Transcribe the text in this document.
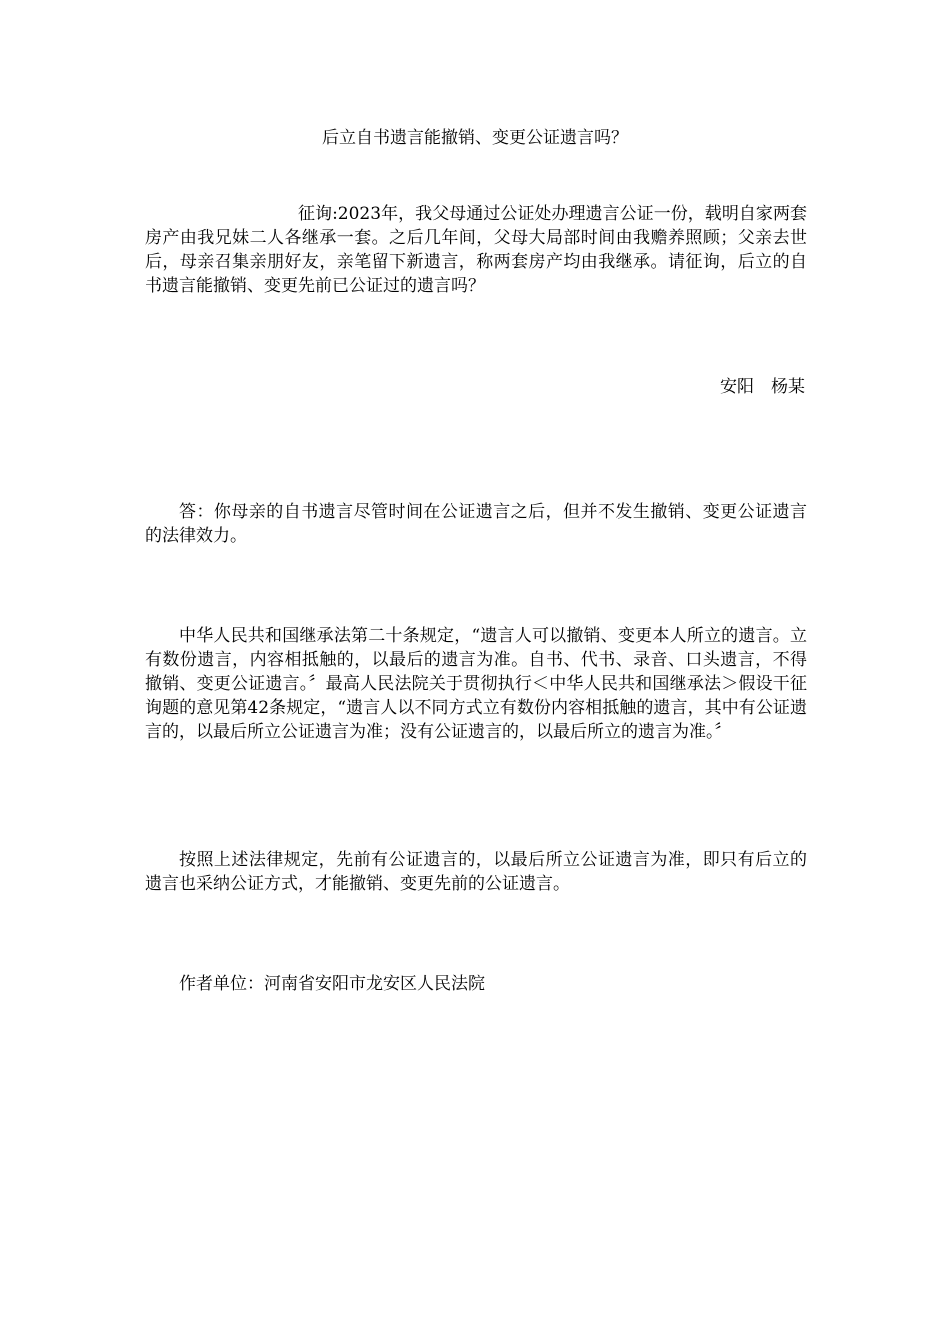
后立自书遗言能撤销、变更公证遗言吗？

征询:2023年，我父母通过公证处办理遗言公证一份，载明自家两套房产由我兄妹二人各继承一套。之后几年间，父母大局部时间由我赡养照顾；父亲去世后，母亲召集亲朋好友，亲笔留下新遗言，称两套房产均由我继承。请征询，后立的自书遗言能撤销、变更先前已公证过的遗言吗？

安阳　杨某

答：你母亲的自书遗言尽管时间在公证遗言之后，但并不发生撤销、变更公证遗言的法律效力。

中华人民共和国继承法第二十条规定，“遗言人可以撤销、变更本人所立的遗言。立有数份遗言，内容相抵触的，以最后的遗言为准。自书、代书、录音、口头遗言，不得撤销、变更公证遗言。〞最高人民法院关于贯彻执行＜中华人民共和国继承法＞假设干征询题的意见第42条规定，“遗言人以不同方式立有数份内容相抵触的遗言，其中有公证遗言的，以最后所立公证遗言为准；没有公证遗言的，以最后所立的遗言为准。〞

按照上述法律规定，先前有公证遗言的，以最后所立公证遗言为准，即只有后立的遗言也采纳公证方式，才能撤销、变更先前的公证遗言。

作者单位：河南省安阳市龙安区人民法院
